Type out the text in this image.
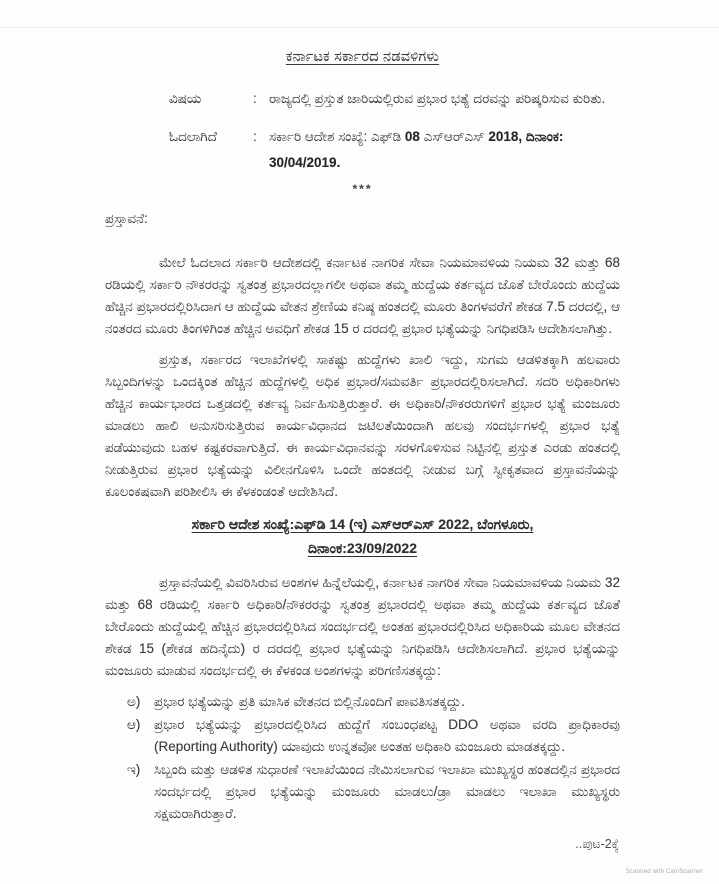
ಕರ್ನಾಟಕ ಸರ್ಕಾರದ ನಡವಳಿಗಳು
ವಿಷಯ	: ರಾಜ್ಯದಲ್ಲಿ ಪ್ರಸ್ತುತ ಜಾರಿಯಲ್ಲಿರುವ ಪ್ರಭಾರ ಭತ್ಯೆ ದರವನ್ನು ಪರಿಷ್ಕರಿಸುವ ಕುರಿತು.
ಓದಲಾಗಿದೆ	: ಸರ್ಕಾರಿ ಆದೇಶ ಸಂಖ್ಯೆ: ಎಫ್‌ಡಿ 08 ಎಸ್‌ಆರ್‌ಎಸ್ 2018, ದಿನಾಂಕ: 30/04/2019.
***
ಪ್ರಸ್ತಾವನೆ:

ಮೇಲೆ ಓದಲಾದ ಸರ್ಕಾರಿ ಆದೇಶದಲ್ಲಿ ಕರ್ನಾಟಕ ನಾಗರಿಕ ಸೇವಾ ನಿಯಮಾವಳಿಯ ನಿಯಮ 32 ಮತ್ತು 68 ರಡಿಯಲ್ಲಿ ಸರ್ಕಾರಿ ನೌಕರರನ್ನು ಸ್ವತಂತ್ರ ಪ್ರಭಾರದಲ್ಲಾಗಲೀ ಅಥವಾ ತಮ್ಮ ಹುದ್ದೆಯ ಕರ್ತವ್ಯದ ಜೊತೆ ಬೇರೊಂದು ಹುದ್ದೆಯ ಹೆಚ್ಚಿನ ಪ್ರಭಾರದಲ್ಲಿರಿಸಿದಾಗ ಆ ಹುದ್ದೆಯ ವೇತನ ಶ್ರೇಣಿಯ ಕನಿಷ್ಠ ಹಂತದಲ್ಲಿ ಮೂರು ತಿಂಗಳವರೆಗೆ ಶೇಕಡ 7.5 ದರದಲ್ಲಿ, ಆ ನಂತರದ ಮೂರು ತಿಂಗಳಿಗಿಂತ ಹೆಚ್ಚಿನ ಅವಧಿಗೆ ಶೇಕಡ 15 ರ ದರದಲ್ಲಿ ಪ್ರಭಾರ ಭತ್ಯೆಯನ್ನು ನಿಗಧಿಪಡಿಸಿ ಆದೇಶಿಸಲಾಗಿತ್ತು.

ಪ್ರಸ್ತುತ, ಸರ್ಕಾರದ ಇಲಾಖೆಗಳಲ್ಲಿ ಸಾಕಷ್ಟು ಹುದ್ದೆಗಳು ಖಾಲಿ ಇದ್ದು, ಸುಗಮ ಆಡಳಿತಕ್ಕಾಗಿ ಹಲವಾರು ಸಿಬ್ಬಂದಿಗಳನ್ನು ಒಂದಕ್ಕಿಂತ ಹೆಚ್ಚಿನ ಹುದ್ದೆಗಳಲ್ಲಿ ಅಧಿಕ ಪ್ರಭಾರ/ಸಮವರ್ತಿ ಪ್ರಭಾರದಲ್ಲಿರಿಸಲಾಗಿದೆ. ಸದರಿ ಅಧಿಕಾರಿಗಳು ಹೆಚ್ಚಿನ ಕಾರ್ಯಭಾರದ ಒತ್ತಡದಲ್ಲಿ ಕರ್ತವ್ಯ ನಿರ್ವಹಿಸುತ್ತಿರುತ್ತಾರೆ. ಈ ಅಧಿಕಾರಿ/ನೌಕರರುಗಳಿಗೆ ಪ್ರಭಾರ ಭತ್ಯೆ ಮಂಜೂರು ಮಾಡಲು ಹಾಲಿ ಅನುಸರಿಸುತ್ತಿರುವ ಕಾರ್ಯವಿಧಾನದ ಜಟಿಲತೆಯಿಂದಾಗಿ ಹಲವು ಸಂದರ್ಭಗಳಲ್ಲಿ ಪ್ರಭಾರ ಭತ್ಯೆ ಪಡೆಯುವುದು ಬಹಳ ಕಷ್ಟಕರವಾಗುತ್ತಿದೆ. ಈ ಕಾರ್ಯವಿಧಾನವನ್ನು ಸರಳಗೊಳಿಸುವ ನಿಟ್ಟಿನಲ್ಲಿ ಪ್ರಸ್ತುತ ಎರಡು ಹಂತದಲ್ಲಿ ನೀಡುತ್ತಿರುವ ಪ್ರಭಾರ ಭತ್ಯೆಯನ್ನು ವಿಲೀನಗೊಳಿಸಿ ಒಂದೇ ಹಂತದಲ್ಲಿ ನೀಡುವ ಬಗ್ಗೆ ಸ್ವೀಕೃತವಾದ ಪ್ರಸ್ತಾವನೆಯನ್ನು ಕೂಲಂಕಷವಾಗಿ ಪರಿಶೀಲಿಸಿ ಈ ಕೆಳಕಂಡಂತೆ ಆದೇಶಿಸಿದೆ.

ಸರ್ಕಾರಿ ಆದೇಶ ಸಂಖ್ಯೆ:ಎಫ್‌ಡಿ 14 (ಇ) ಎಸ್‌ಆರ್‌ಎಸ್ 2022, ಬೆಂಗಳೂರು,
ದಿನಾಂಕ:23/09/2022

ಪ್ರಸ್ತಾವನೆಯಲ್ಲಿ ವಿವರಿಸಿರುವ ಅಂಶಗಳ ಹಿನ್ನೆಲೆಯಲ್ಲಿ, ಕರ್ನಾಟಕ ನಾಗರಿಕ ಸೇವಾ ನಿಯಮಾವಳಿಯ ನಿಯಮ 32 ಮತ್ತು 68 ರಡಿಯಲ್ಲಿ ಸರ್ಕಾರಿ ಅಧಿಕಾರಿ/ನೌಕರರನ್ನು ಸ್ವತಂತ್ರ ಪ್ರಭಾರದಲ್ಲಿ ಅಥವಾ ತಮ್ಮ ಹುದ್ದೆಯ ಕರ್ತವ್ಯದ ಜೊತೆ ಬೇರೊಂದು ಹುದ್ದೆಯಲ್ಲಿ ಹೆಚ್ಚಿನ ಪ್ರಭಾರದಲ್ಲಿರಿಸಿದ ಸಂದರ್ಭದಲ್ಲಿ ಅಂತಹ ಪ್ರಭಾರದಲ್ಲಿರಿಸಿದ ಅಧಿಕಾರಿಯ ಮೂಲ ವೇತನದ ಶೇಕಡ 15 (ಶೇಕಡ ಹದಿನೈದು) ರ ದರದಲ್ಲಿ ಪ್ರಭಾರ ಭತ್ಯೆಯನ್ನು ನಿಗಧಿಪಡಿಸಿ ಆದೇಶಿಸಲಾಗಿದೆ. ಪ್ರಭಾರ ಭತ್ಯೆಯನ್ನು ಮಂಜೂರು ಮಾಡುವ ಸಂದರ್ಭದಲ್ಲಿ ಈ ಕೆಳಕಂಡ ಅಂಶಗಳನ್ನು ಪರಿಗಣಿಸತಕ್ಕದ್ದು:

ಅ)	ಪ್ರಭಾರ ಭತ್ಯೆಯನ್ನು ಪ್ರತಿ ಮಾಸಿಕ ವೇತನದ ಬಿಲ್ಲಿನೊಂದಿಗೆ ಪಾವತಿಸತಕ್ಕದ್ದು.
ಆ)	ಪ್ರಭಾರ ಭತ್ಯೆಯನ್ನು ಪ್ರಭಾರದಲ್ಲಿರಿಸಿದ ಹುದ್ದೆಗೆ ಸಂಬಂಧಪಟ್ಟ DDO ಅಥವಾ ವರದಿ ಪ್ರಾಧಿಕಾರವು (Reporting Authority) ಯಾವುದು ಉನ್ನತವೋ ಅಂತಹ ಅಧಿಕಾರಿ ಮಂಜೂರು ಮಾಡತಕ್ಕದ್ದು.
ಇ)	ಸಿಬ್ಬಂದಿ ಮತ್ತು ಆಡಳಿತ ಸುಧಾರಣೆ ಇಲಾಖೆಯಿಂದ ನೇಮಿಸಲಾಗುವ ಇಲಾಖಾ ಮುಖ್ಯಸ್ಥರ ಹಂತದಲ್ಲಿನ ಪ್ರಭಾರದ ಸಂದರ್ಭದಲ್ಲಿ ಪ್ರಭಾರ ಭತ್ಯೆಯನ್ನು ಮಂಜೂರು ಮಾಡಲು/ಡ್ರಾ ಮಾಡಲು ಇಲಾಖಾ ಮುಖ್ಯಸ್ಥರು ಸಕ್ಷಮರಾಗಿರುತ್ತಾರೆ.
..ಪುಟ-2ಕ್ಕೆ
Scanned with CamScanner
